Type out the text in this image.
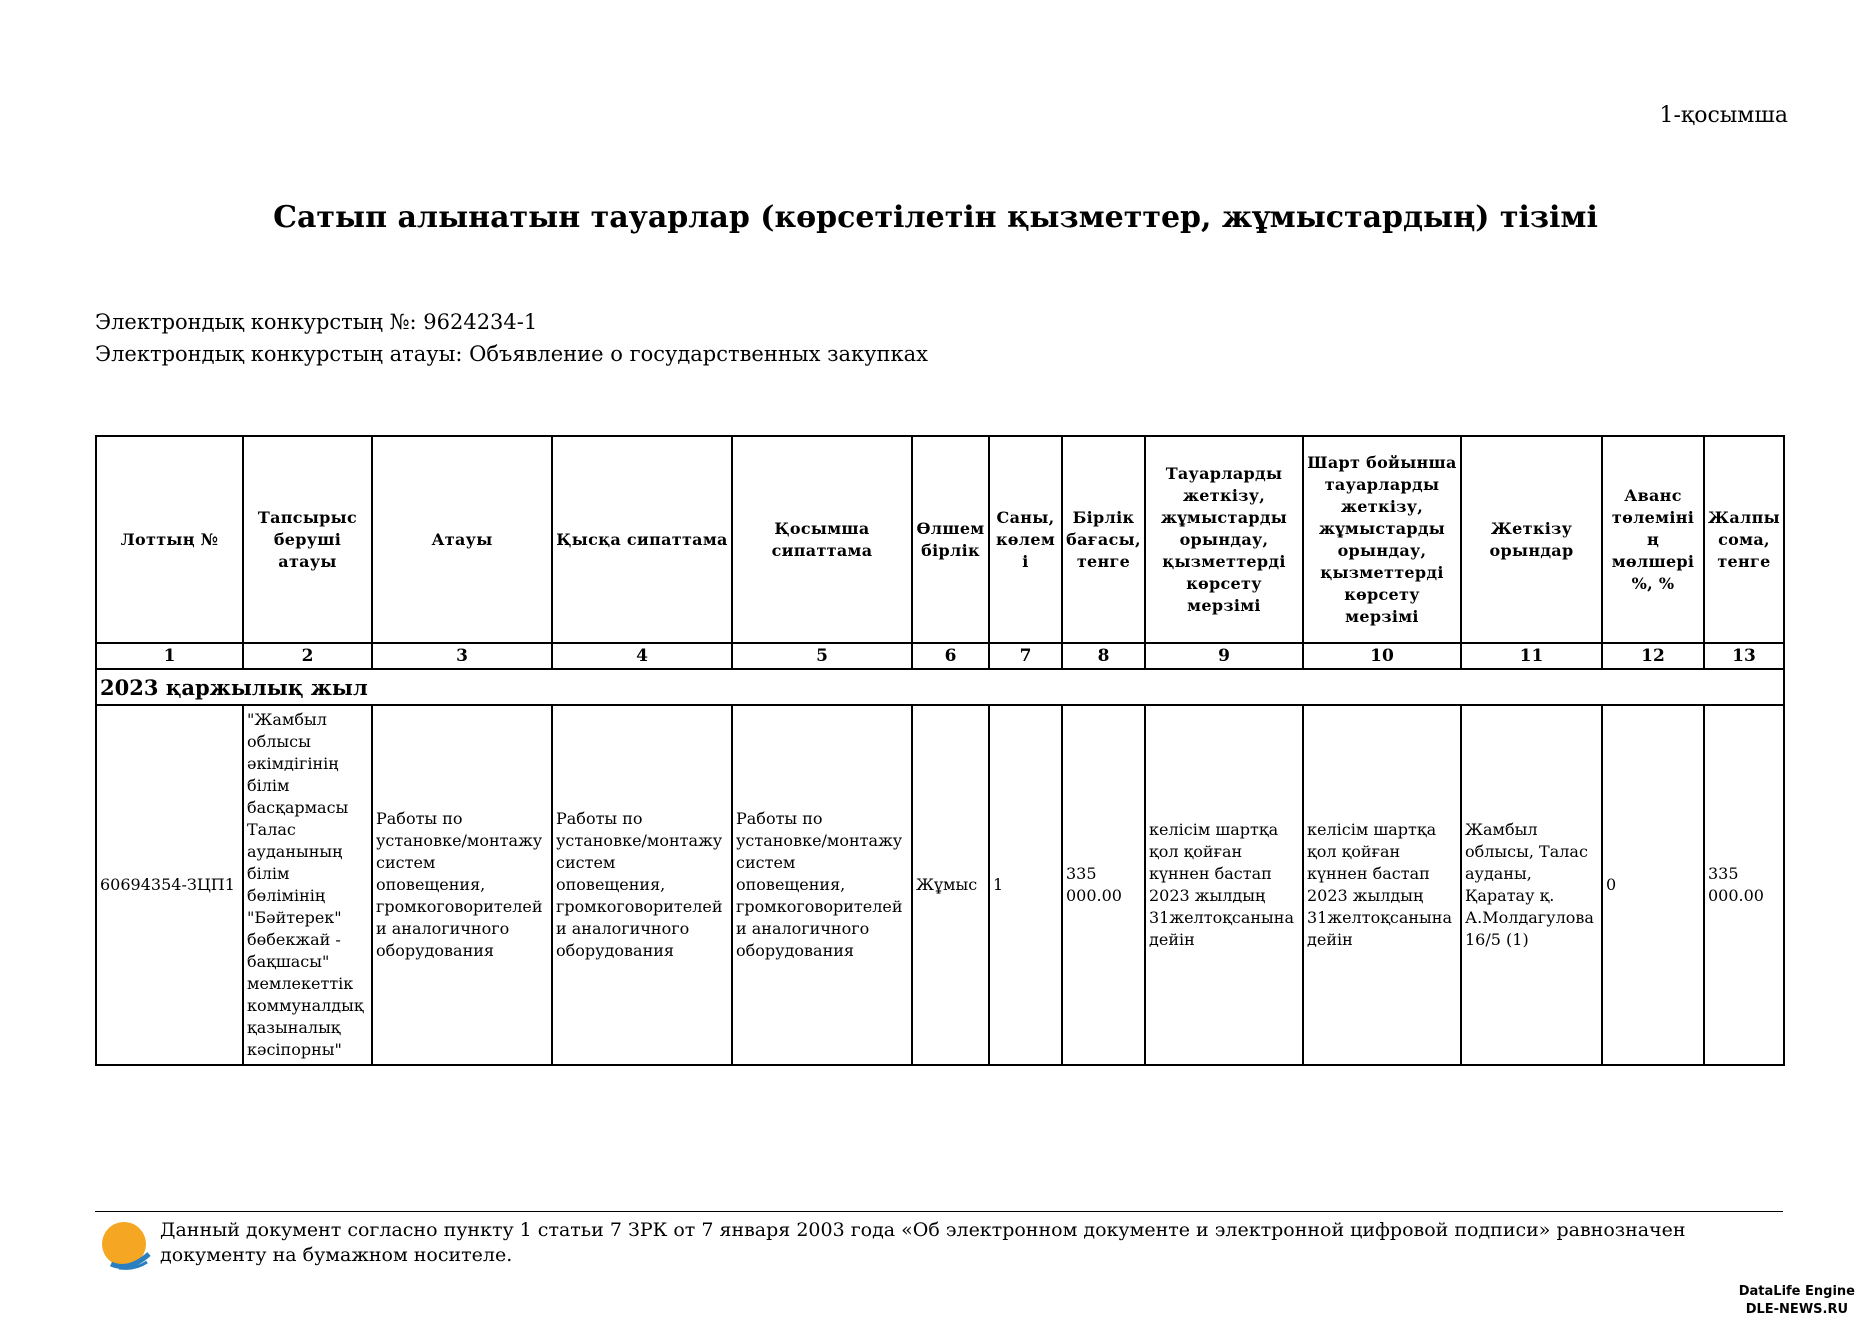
1-қосымша
Сатып алынатын тауарлар (көрсетілетін қызметтер, жұмыстардың) тізімі
Электрондық конкурстың №: 9624234-1
Электрондық конкурстың атауы: Объявление о государственных закупках
Лоттың №	Тапсырыс беруші атауы	Атауы	Қысқа сипаттама	Қосымша сипаттама	Өлшем бірлік	Саны, көлемі	Бірлік бағасы, тенге	Тауарларды жеткізу, жұмыстарды орындау, қызметтерді көрсету мерзімі	Шарт бойынша тауарларды жеткізу, жұмыстарды орындау, қызметтерді көрсету мерзімі	Жеткізу орындар	Аванс төлемінің мөлшері %, %	Жалпы сома, тенге
1	2	3	4	5	6	7	8	9	10	11	12	13
2023 қаржылық жыл												
60694354-ЗЦП1	"Жамбыл облысы әкімдігінің білім басқармасы Талас ауданының білім бөлімінің "Бәйтерек" бөбекжай - бақшасы" мемлекеттік коммуналдық қазыналық кәсіпорны"	Работы по установке/монтажу систем оповещения, громкоговорителей и аналогичного оборудования	Работы по установке/монтажу систем оповещения, громкоговорителей и аналогичного оборудования	Работы по установке/монтажу систем оповещения, громкоговорителей и аналогичного оборудования	Жұмыс	1	335 000.00	келісім шартқа қол қойған күннен бастап 2023 жылдың 31желтоқсанына дейін	келісім шартқа қол қойған күннен бастап 2023 жылдың 31желтоқсанына дейін	Жамбыл облысы, Талас ауданы, Қаратау қ. А.Молдагулова 16/5 (1)	0	335 000.00
Данный документ согласно пункту 1 статьи 7 ЗРК от 7 января 2003 года «Об электронном документе и электронной цифровой подписи» равнозначен документу на бумажном носителе.
DataLife Engine
DLE-NEWS.RU
